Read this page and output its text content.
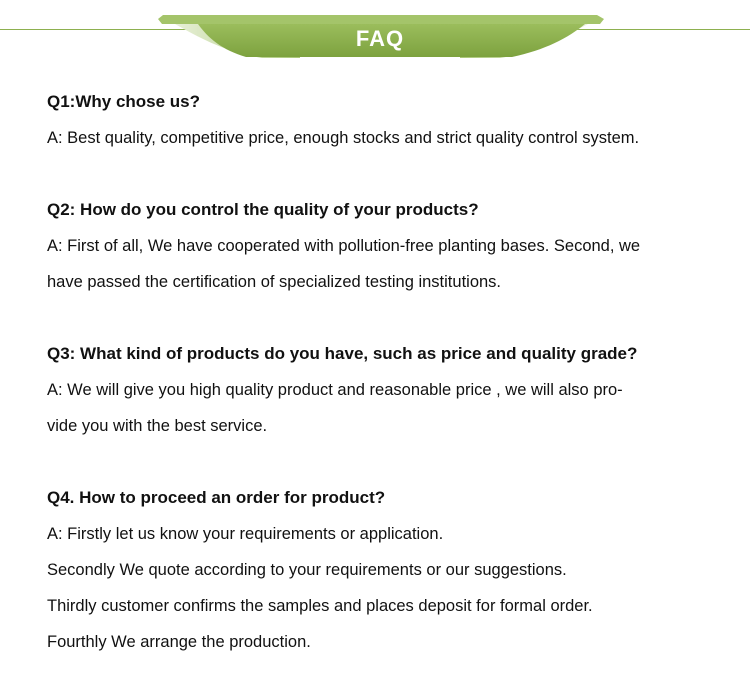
FAQ
Q1:Why chose us?
A: Best quality, competitive price, enough stocks and strict quality control system.
Q2: How do you control the quality of your products?
A: First of all, We have cooperated with pollution-free planting bases. Second, we
have passed the certification of specialized testing institutions.
Q3: What kind of products do you have, such as price and quality grade?
A: We will give you high quality product and reasonable price , we will also pro-
vide you with the best service.
Q4. How to proceed an order for product?
A: Firstly let us know your requirements or application.
Secondly We quote according to your requirements or our suggestions.
Thirdly customer confirms the samples and places deposit for formal order.
Fourthly We arrange the production.
